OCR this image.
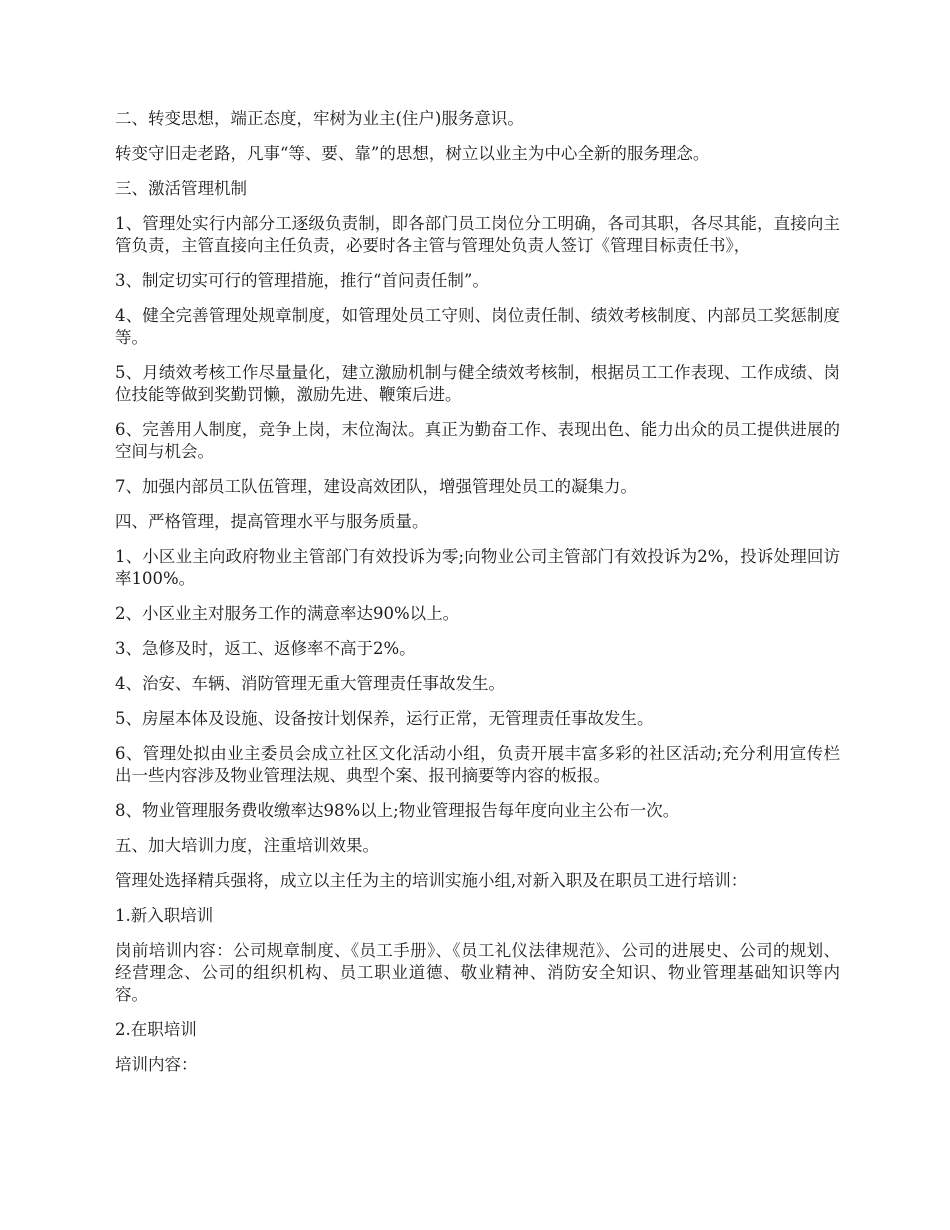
二、转变思想，端正态度，牢树为业主(住户)服务意识。

转变守旧走老路，凡事“等、要、靠”的思想，树立以业主为中心全新的服务理念。

三、激活管理机制

1、管理处实行内部分工逐级负责制，即各部门员工岗位分工明确，各司其职，各尽其能，直接向主管负责，主管直接向主任负责，必要时各主管与管理处负责人签订《管理目标责任书》，

3、制定切实可行的管理措施，推行“首问责任制”。

4、健全完善管理处规章制度，如管理处员工守则、岗位责任制、绩效考核制度、内部员工奖惩制度等。

5、月绩效考核工作尽量量化，建立激励机制与健全绩效考核制，根据员工工作表现、工作成绩、岗位技能等做到奖勤罚懒，激励先进、鞭策后进。

6、完善用人制度，竞争上岗，末位淘汰。真正为勤奋工作、表现出色、能力出众的员工提供进展的空间与机会。

7、加强内部员工队伍管理，建设高效团队，增强管理处员工的凝集力。

四、严格管理，提高管理水平与服务质量。

1、小区业主向政府物业主管部门有效投诉为零;向物业公司主管部门有效投诉为2%，投诉处理回访率100%。

2、小区业主对服务工作的满意率达90%以上。

3、急修及时，返工、返修率不高于2%。

4、治安、车辆、消防管理无重大管理责任事故发生。

5、房屋本体及设施、设备按计划保养，运行正常，无管理责任事故发生。

6、管理处拟由业主委员会成立社区文化活动小组，负责开展丰富多彩的社区活动;充分利用宣传栏出一些内容涉及物业管理法规、典型个案、报刊摘要等内容的板报。

8、物业管理服务费收缴率达98%以上;物业管理报告每年度向业主公布一次。

五、加大培训力度，注重培训效果。

管理处选择精兵强将，成立以主任为主的培训实施小组,对新入职及在职员工进行培训：

1.新入职培训

岗前培训内容：公司规章制度、《员工手册》、《员工礼仪法律规范》、公司的进展史、公司的规划、经营理念、公司的组织机构、员工职业道德、敬业精神、消防安全知识、物业管理基础知识等内容。

2.在职培训

培训内容：
